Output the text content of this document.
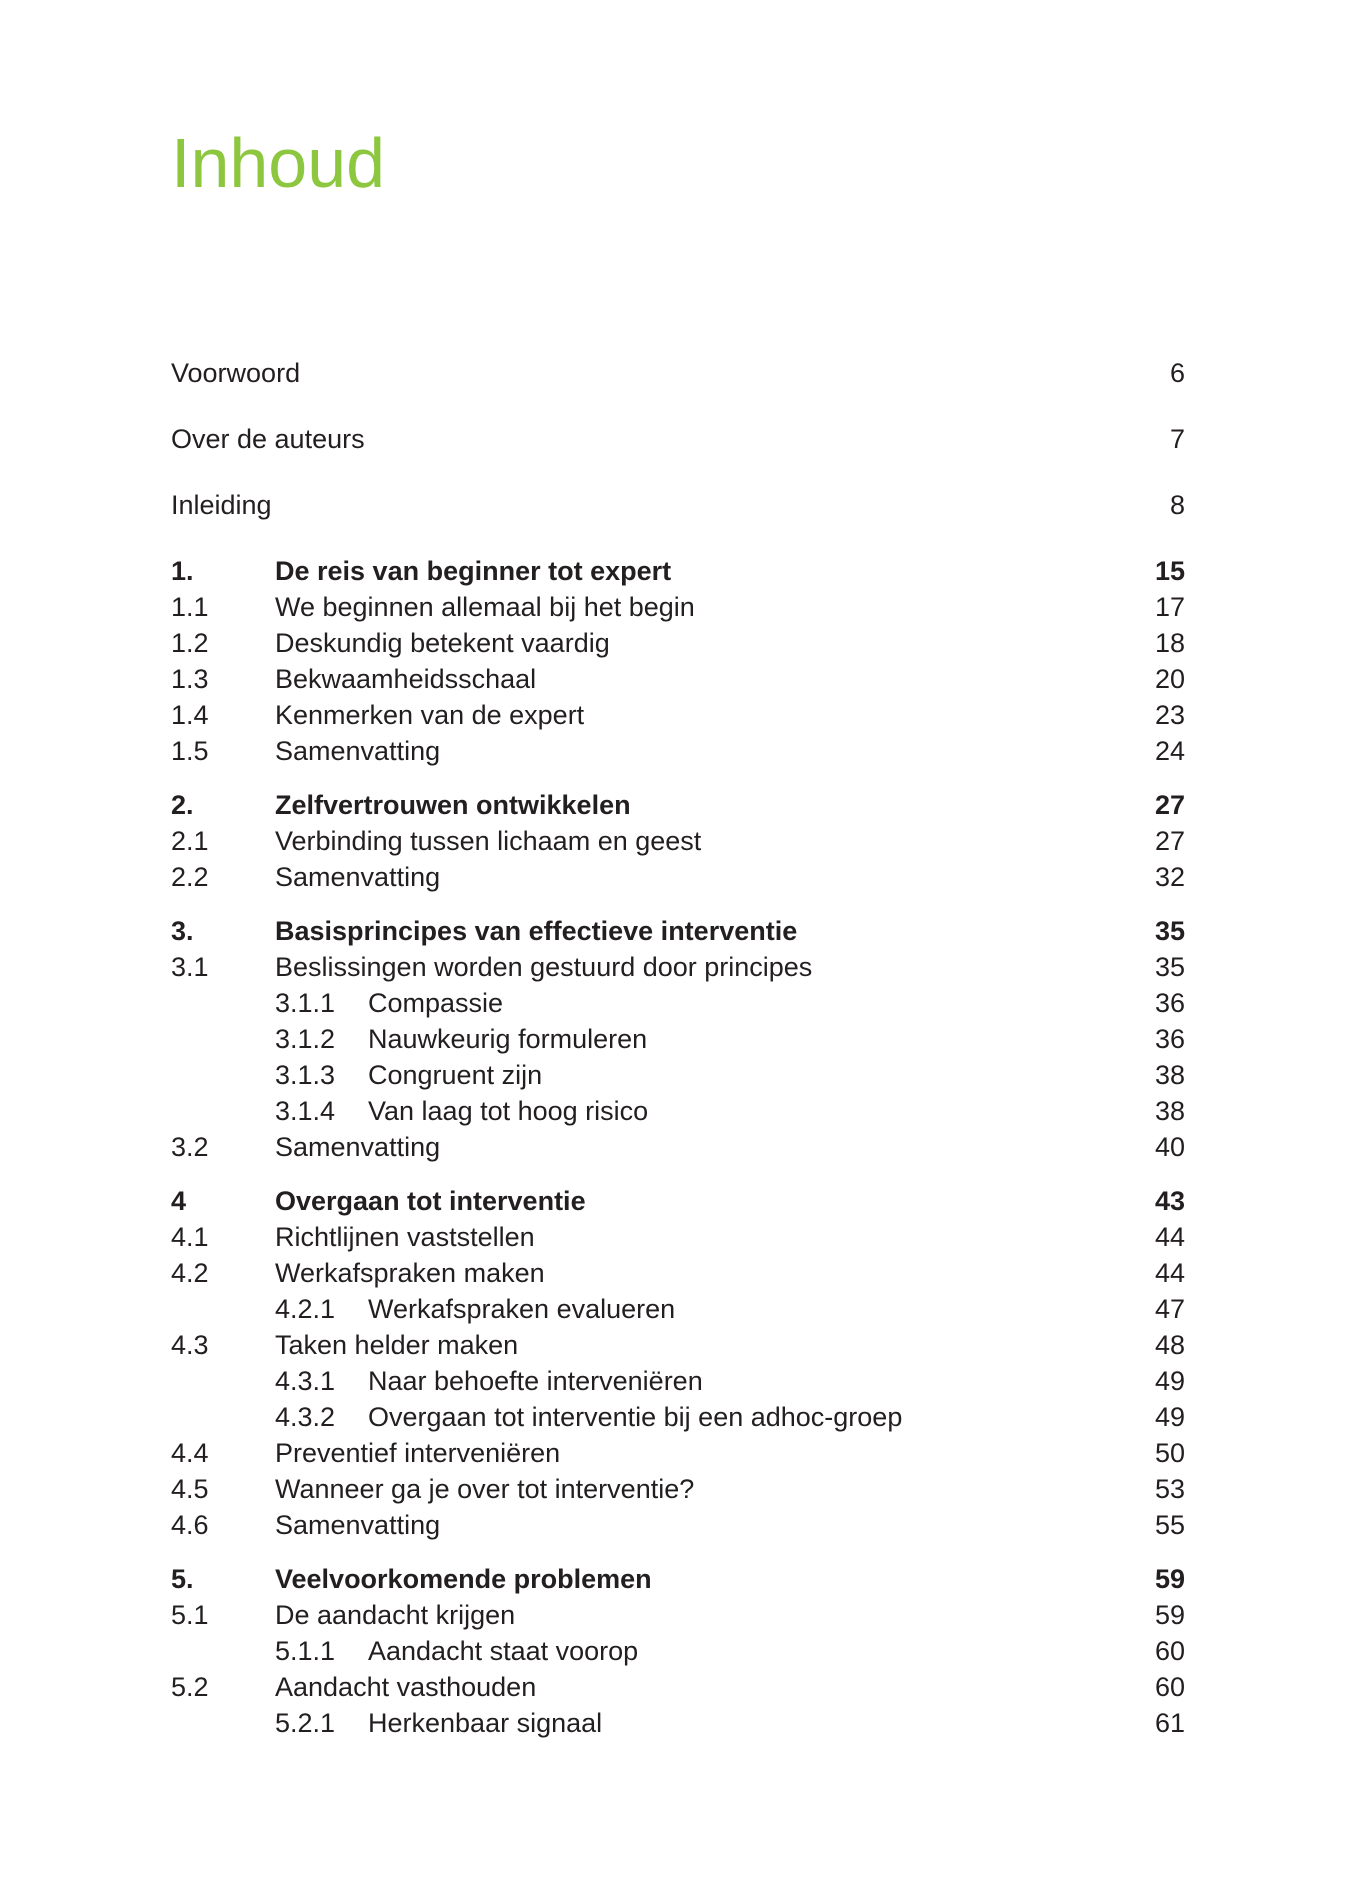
Inhoud
Voorwoord	6
Over de auteurs	7
Inleiding	8
1.	De reis van beginner tot expert	15
1.1	We beginnen allemaal bij het begin	17
1.2	Deskundig betekent vaardig	18
1.3	Bekwaamheidsschaal	20
1.4	Kenmerken van de expert	23
1.5	Samenvatting	24
2.	Zelfvertrouwen ontwikkelen	27
2.1	Verbinding tussen lichaam en geest	27
2.2	Samenvatting	32
3.	Basisprincipes van effectieve interventie	35
3.1	Beslissingen worden gestuurd door principes	35
3.1.1	Compassie	36
3.1.2	Nauwkeurig formuleren	36
3.1.3	Congruent zijn	38
3.1.4	Van laag tot hoog risico	38
3.2	Samenvatting	40
4	Overgaan tot interventie	43
4.1	Richtlijnen vaststellen	44
4.2	Werkafspraken maken	44
4.2.1	Werkafspraken evalueren	47
4.3	Taken helder maken	48
4.3.1	Naar behoefte interveniëren	49
4.3.2	Overgaan tot interventie bij een adhoc-groep	49
4.4	Preventief interveniëren	50
4.5	Wanneer ga je over tot interventie?	53
4.6	Samenvatting	55
5.	Veelvoorkomende problemen	59
5.1	De aandacht krijgen	59
5.1.1	Aandacht staat voorop	60
5.2	Aandacht vasthouden	60
5.2.1	Herkenbaar signaal	61
